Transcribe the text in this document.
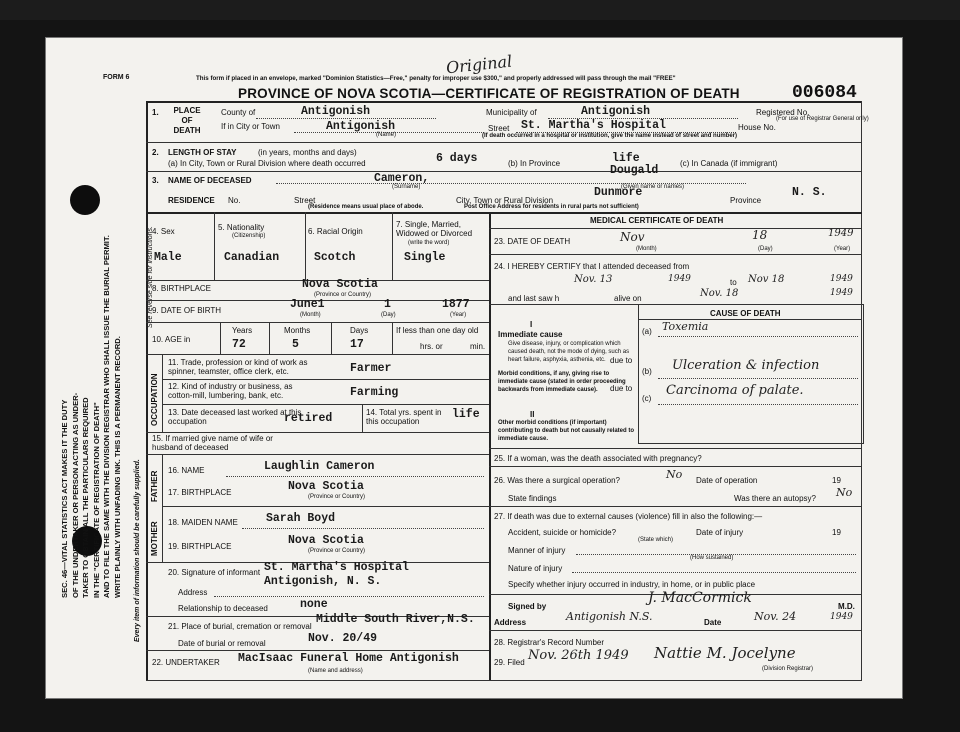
SEC. 46—VITAL STATISTICS ACT MAKES IT THE DUTY OF THE UNDERTAKER OR PERSON ACTING AS UNDER- TAKER TO OBTAIN ALL THE PARTICULARS REQUIRED IN THE "CERTIFICATE OF REGISTRATION OF DEATH" AND TO FILE THE SAME WITH THE DIVISION REGISTRAR WHO SHALL ISSUE THE BURIAL PERMIT. WRITE PLAINLY WITH UNFADING INK. THIS IS A PERMANENT RECORD. Every item of information should be carefully supplied.
See reverse side for instructions.
FORM 6
Original
This form if placed in an envelope, marked "Dominion Statistics—Free," penalty for improper use $300," and properly addressed will pass through the mail "FREE"
PROVINCE OF NOVA SCOTIA—CERTIFICATE OF REGISTRATION OF DEATH	006084
1.	PLACE OF DEATH
County of	Antigonish	Municipality of	Antigonish	Registered No.
(For use of Registrar General only)
If in City or Town	Antigonish	Street St. Martha's Hospital	House No.
(Name)	(If death occurred in a hospital or institution, give the name instead of street and number)
2. LENGTH OF STAY	(in years, months and days)
(a) In City, Town or Rural Division where death occurred	6 days	(b) In Province	life	(c) In Canada (if immigrant)
3. NAME OF DECEASED	Cameron,
Dougald
(Surname)	(Given name or names)
RESIDENCE No.	Street	City, Town or Rural Division
Dunmore
Province
N. S.
(Residence means usual place of abode.	Post Office Address for residents in rural parts not sufficient)
4. Sex
Male
5. Nationality
(Citizenship)
Canadian
6. Racial Origin
Scotch
7. Single, Married, Widowed or Divorced
(write the word)
Single
8. BIRTHPLACE	Nova Scotia
(Province or Country)
9. DATE OF BIRTH	June1	1	1877
(Month)	(Day)	(Year)
10. AGE in
Years	Months	Days
72	5	17
If less than one day old
hrs. or	min.
OCCUPATION
11. Trade, profession or kind of work as spinner, teamster, office clerk, etc.	Farmer
12. Kind of industry or business, as cotton-mill, lumbering, bank, etc.	Farming
13. Date deceased last worked at this occupation	retired	14. Total yrs. spent in this occupation
life
15. If married give name of wife or husband of deceased
FATHER
16. NAME	Laughlin Cameron
17. BIRTHPLACE	Nova Scotia
(Province or Country)
MOTHER 18. MAIDEN NAME Sarah Boyd
19. BIRTHPLACE	Nova Scotia
(Province or Country)
20. Signature of informant St. Martha's Hospital
Antigonish, N. S.
Address
Relationship to deceased	none
21. Place of burial, cremation or removal
Middle South River,N.S.
Date of burial or removal	Nov. 20/49
22. UNDERTAKER MacIsaac Funeral Home Antigonish
(Name and address)
MEDICAL CERTIFICATE OF DEATH
23. DATE OF DEATH	Nov	18	1949
(Month)	(Day)	(Year)
24. I HEREBY CERTIFY that I attended deceased from
Nov. 13	1949	to Nov 18	1949
and last saw h	alive on	Nov. 18	1949
CAUSE OF DEATH
I
Immediate cause
Give disease, injury, or complication which caused death, not the mode of dying, such as heart failure, asphyxia, asthenia, etc.
(a) Toxemia
due to
(b) Ulceration & infection
due to
(c)
Carcinoma of palate.
Morbid conditions, if any, giving rise to immediate cause (stated in order proceeding backwards from immediate cause).
II
Other morbid conditions (if important) contributing to death but not causally related to immediate cause.
25. If a woman, was the death associated with pregnancy?
26. Was there a surgical operation?	No Date of operation	19
State findings	Was there an autopsy? No
27. If death was due to external causes (violence) fill in also the following:—
Accident, suicide or homicide?	Date of injury	19
(State which)
Manner of injury
(How sustained)
Nature of injury
Specify whether injury occurred in industry, in home, or in public place
Signed by
J. MacCormick
M.D.
Address	Antigonish N.S.	Date	Nov. 24	1949
28. Registrar's Record Number
29. Filed Nov. 26th 1949 Nattie M. Jocelyne
(Division Registrar)
